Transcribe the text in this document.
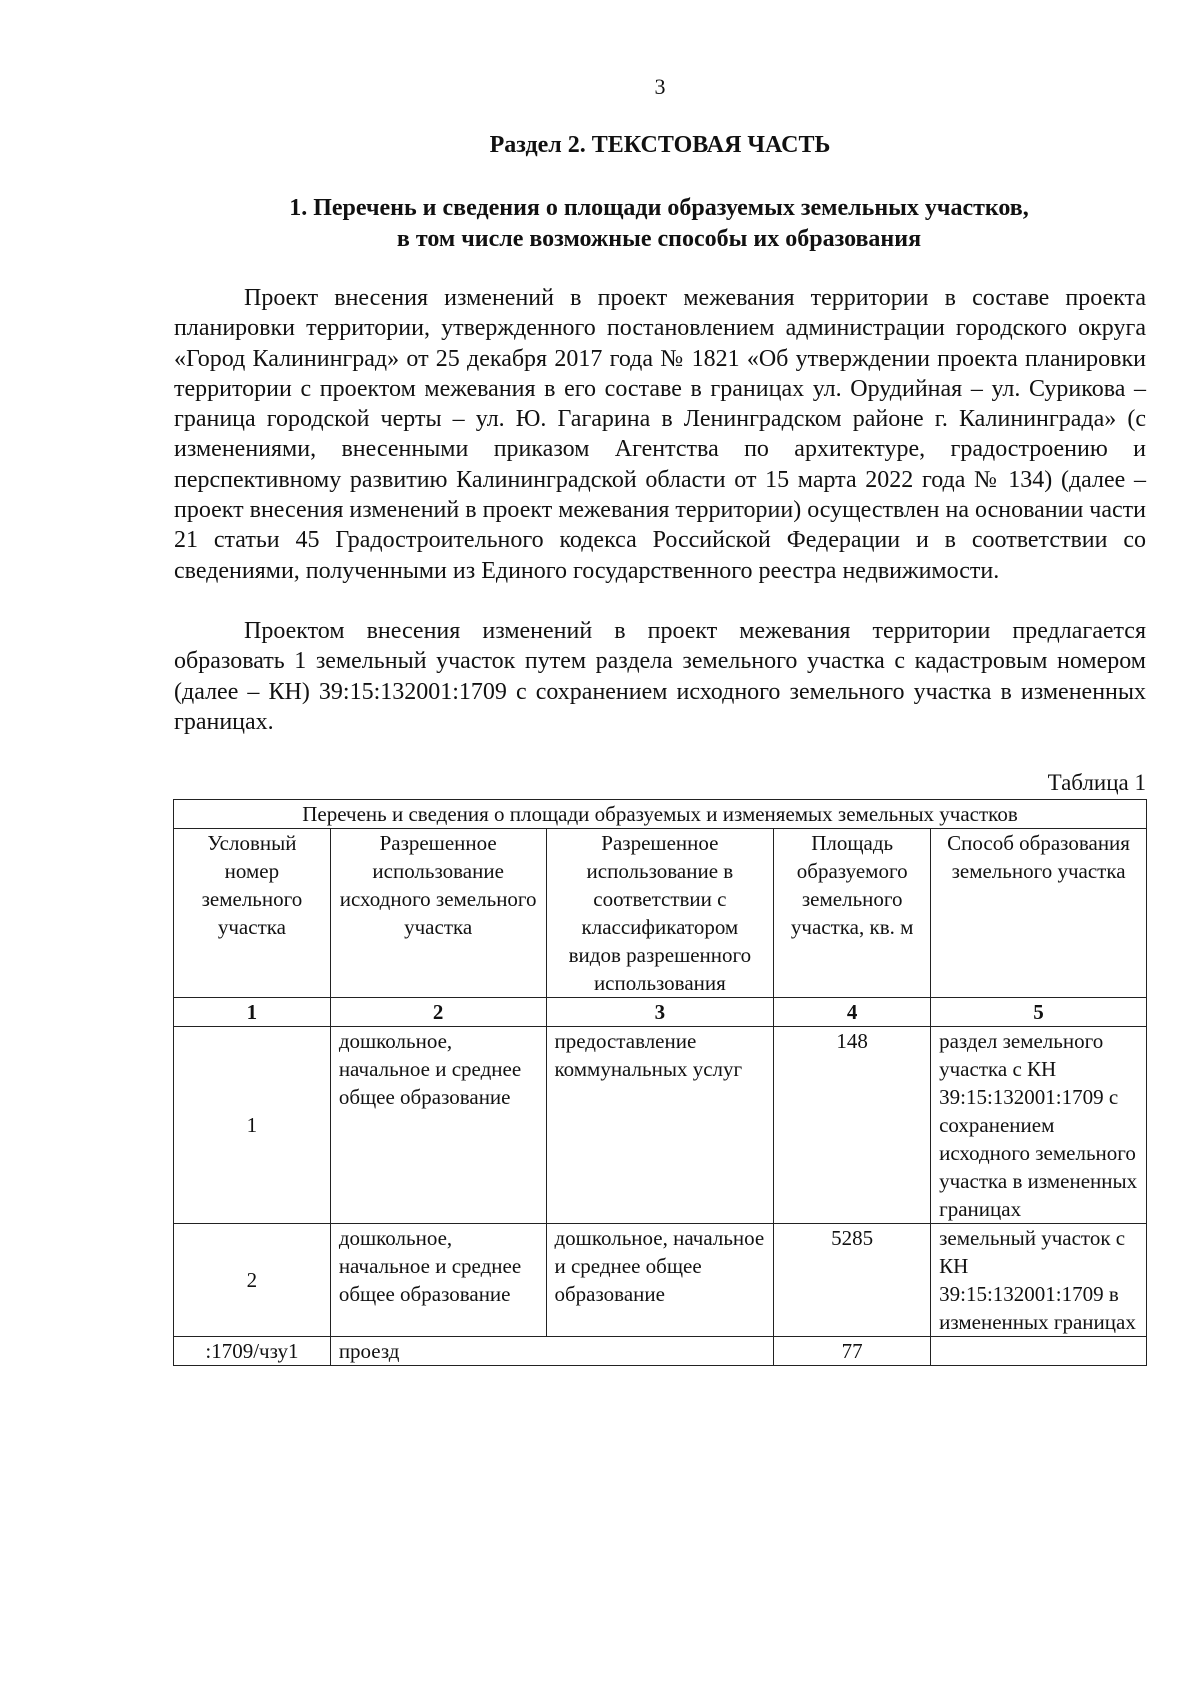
3
Раздел 2. ТЕКСТОВАЯ ЧАСТЬ
1. Перечень и сведения о площади образуемых земельных участков,
в том числе возможные способы их образования

Проект внесения изменений в проект межевания территории в составе проекта планировки территории, утвержденного постановлением администрации городского округа «Город Калининград» от 25 декабря 2017 года № 1821 «Об утверждении проекта планировки территории с проектом межевания в его составе в границах ул. Орудийная – ул. Сурикова – граница городской черты – ул. Ю. Гагарина в Ленинградском районе г. Калининграда» (с изменениями, внесенными приказом Агентства по архитектуре, градостроению и перспективному развитию Калининградской области от 15 марта 2022 года № 134) (далее – проект внесения изменений в проект межевания территории) осуществлен на основании части 21 статьи 45 Градостроительного кодекса Российской Федерации и в соответствии со сведениями, полученными из Единого государственного реестра недвижимости.

Проектом внесения изменений в проект межевания территории предлагается образовать 1 земельный участок путем раздела земельного участка с кадастровым номером (далее – КН) 39:15:132001:1709 с сохранением исходного земельного участка в измененных границах.

Таблица 1
Перечень и сведения о площади образуемых и изменяемых земельных участков				
Условный номер земельного участка	Разрешенное использование исходного земельного участка	Разрешенное использование в соответствии с классификатором видов разрешенного использования	Площадь образуемого земельного участка, кв. м	Способ образования земельного участка
1	2	3	4	5
1	дошкольное, начальное и среднее общее образование	предоставление коммунальных услуг	148	раздел земельного участка с КН 39:15:132001:1709 с сохранением исходного земельного участка в измененных границах
2	дошкольное, начальное и среднее общее образование	дошкольное, начальное и среднее общее образование	5285	земельный участок с КН 39:15:132001:1709 в измененных границах
:1709/чзу1	проезд		77	
